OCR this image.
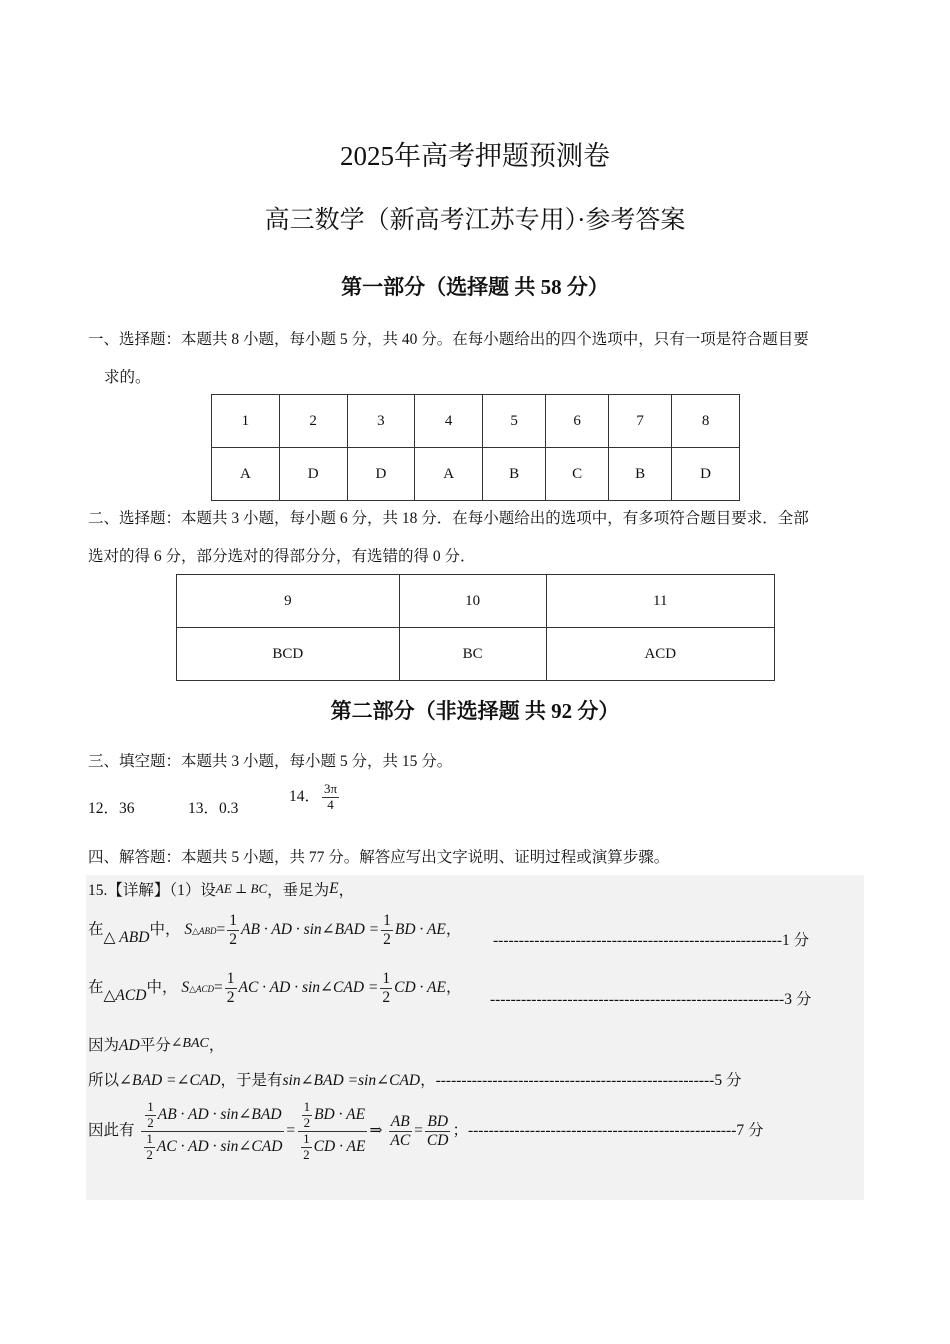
2025年高考押题预测卷
高三数学（新高考江苏专用）·参考答案
第一部分（选择题 共 58 分）
一、选择题：本题共 8 小题，每小题 5 分，共 40 分。在每小题给出的四个选项中，只有一项是符合题目要
求的。
1	2	3	4	5	6	7	8
A	D	D	A	B	C	B	D
二、选择题：本题共 3 小题，每小题 6 分，共 18 分．在每小题给出的选项中，有多项符合题目要求．全部
选对的得 6 分，部分选对的得部分分，有选错的得 0 分．
9	10	11
BCD	BC	ACD
第二部分（非选择题 共 92 分）
三、填空题：本题共 3 小题，每小题 5 分，共 15 分。
12．36	13．0.3
14． $\frac{3\pi}{4}$
四、解答题：本题共 5 小题，共 77 分。解答应写出文字说明、证明过程或演算步骤。
15.【详解】（1）设AE ⊥ BC，垂足为E，
在△ ABD中， S△ABD= $\frac{1}{2}$ AB · AD · sin∠BAD = $\frac{1}{2}$ BD · AE，
--------------------------------------------------------1 分
在△ACD中， S△ACD= $\frac{1}{2}$ AC · AD · sin∠CAD = $\frac{1}{2}$ CD · AE，
---------------------------------------------------------3 分
因为AD平分∠BAC，
所以∠BAD =∠CAD，于是有sin∠BAD =sin∠CAD，------------------------------------------------------5 分
因此有 $\frac{\frac{1}{2} AB \cdot AD \cdot \sin\angle BAD}{\frac{1}{2} AC \cdot AD \cdot \sin\angle CAD} = \frac{\frac{1}{2} BD \cdot AE}{\frac{1}{2} CD \cdot AE}$ ⇒ $\frac{AB}{AC} = \frac{BD}{CD}$ ；----------------------------------------------------7 分
